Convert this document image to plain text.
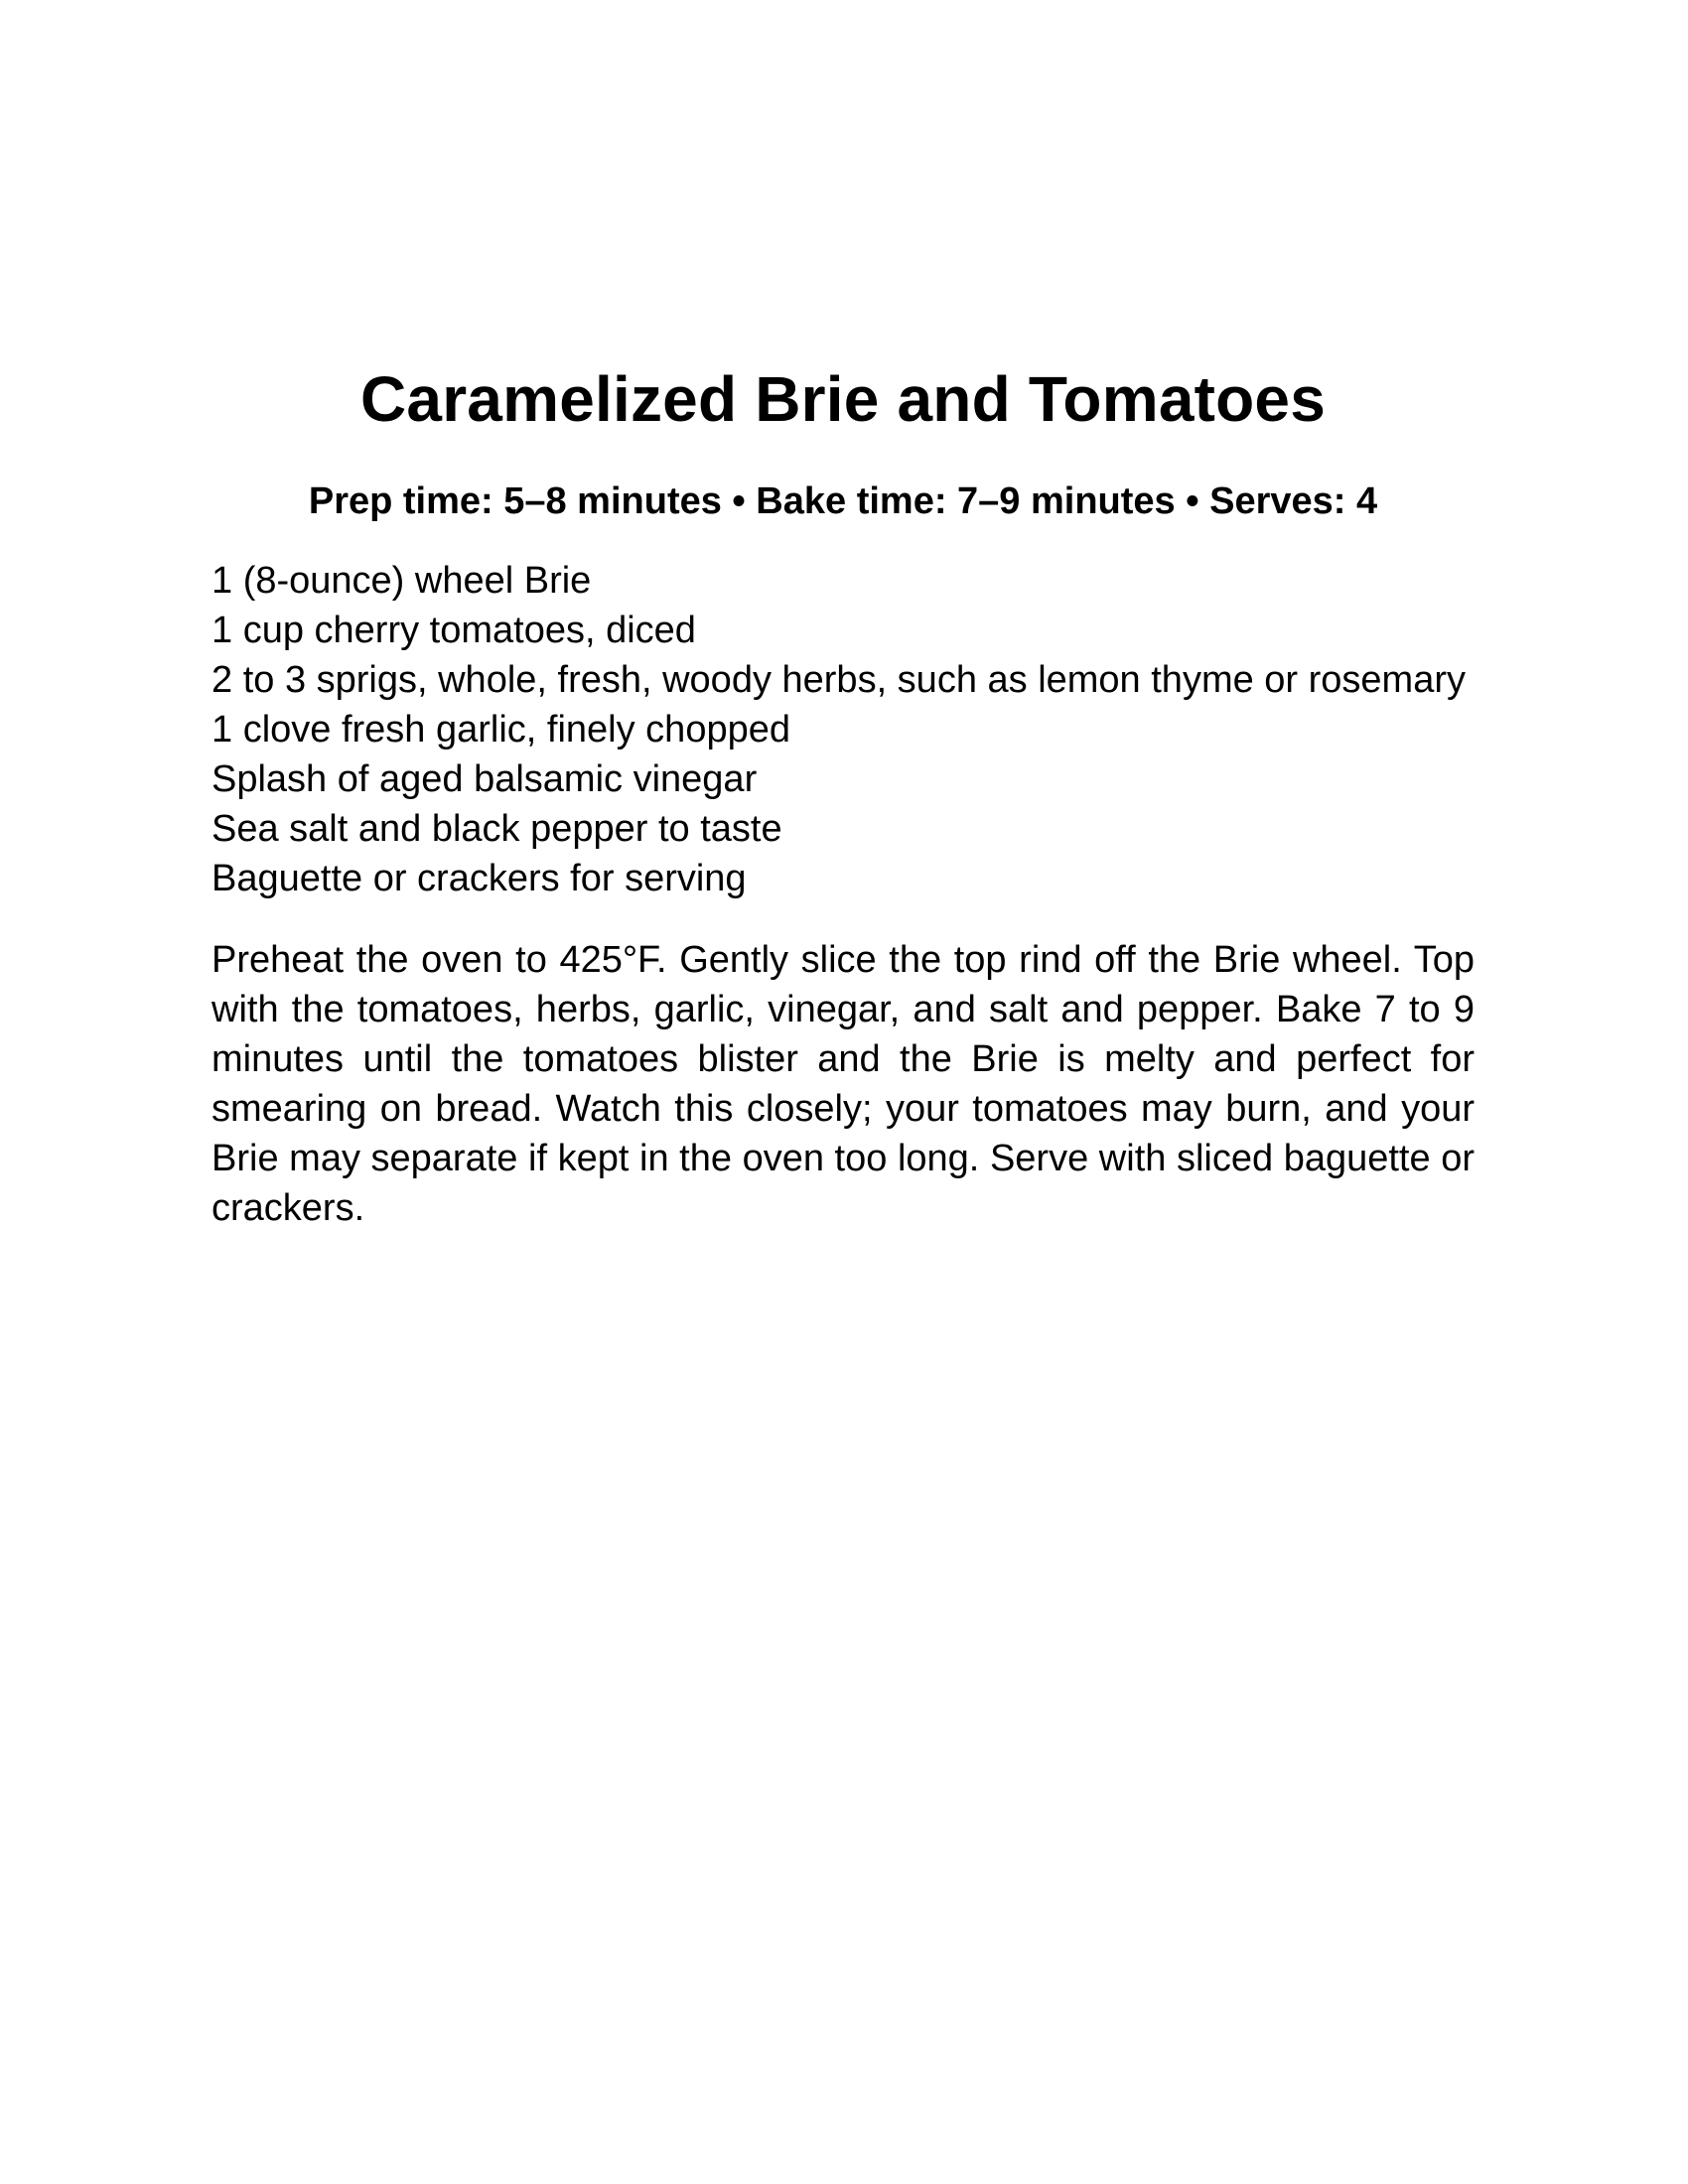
Caramelized Brie and Tomatoes

Prep time: 5–8 minutes • Bake time: 7–9 minutes • Serves: 4

1 (8-ounce) wheel Brie
1 cup cherry tomatoes, diced
2 to 3 sprigs, whole, fresh, woody herbs, such as lemon thyme or rosemary
1 clove fresh garlic, finely chopped
Splash of aged balsamic vinegar
Sea salt and black pepper to taste
Baguette or crackers for serving

Preheat the oven to 425°F. Gently slice the top rind off the Brie wheel. Top with the tomatoes, herbs, garlic, vinegar, and salt and pepper. Bake 7 to 9 minutes until the tomatoes blister and the Brie is melty and perfect for smearing on bread. Watch this closely; your tomatoes may burn, and your Brie may separate if kept in the oven too long. Serve with sliced baguette or crackers.
